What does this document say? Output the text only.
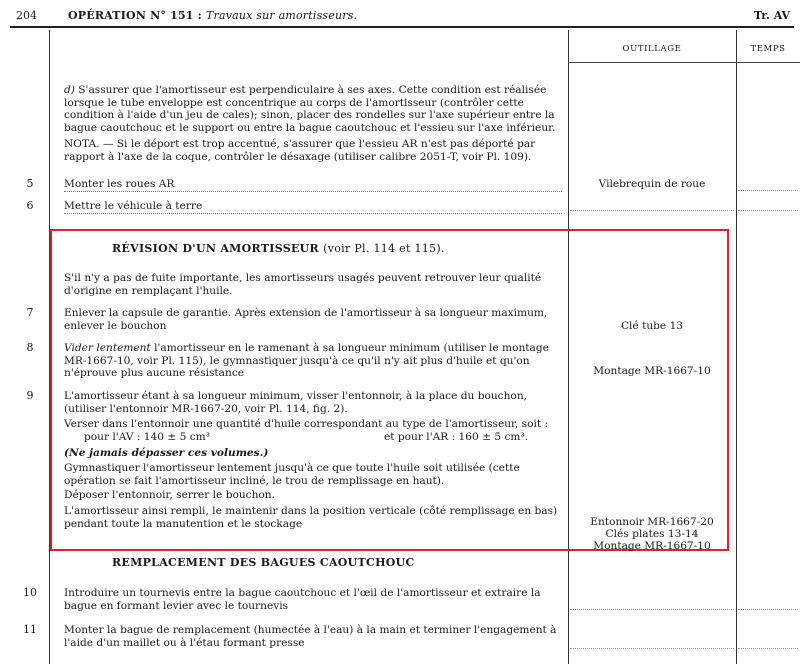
204	OPÉRATION N° 151 : Travaux sur amortisseurs.	Tr. AV
OUTILLAGE	TEMPS
d) S'assurer que l'amortisseur est perpendiculaire à ses axes. Cette condition est réalisée lorsque le tube enveloppe est concentrique au corps de l'amortisseur (contrôler cette condition à l'aide d'un jeu de cales); sinon, placer des rondelles sur l'axe supérieur entre la bague caoutchouc et le support ou entre la bague caoutchouc et l'essieu sur l'axe inférieur.
NOTA. — Si le déport est trop accentué, s'assurer que l'essieu AR n'est pas déporté par rapport à l'axe de la coque, contrôler le désaxage (utiliser calibre 2051-T, voir Pl. 109).
5	Monter les roues AR	Vilebrequin de roue
6	Mettre le véhicule à terre
RÉVISION D'UN AMORTISSEUR (voir Pl. 114 et 115).
S'il n'y a pas de fuite importante, les amortisseurs usagés peuvent retrouver leur qualité d'origine en remplaçant l'huile.
7	Enlever la capsule de garantie. Après extension de l'amortisseur à sa longueur maximum, enlever le bouchon	Clé tube 13
8	Vider lentement l'amortisseur en le ramenant à sa longueur minimum (utiliser le montage MR-1667-10, voir Pl. 115), le gymnastiquer jusqu'à ce qu'il n'y ait plus d'huile et qu'on n'éprouve plus aucune résistance	Montage MR-1667-10
9	L'amortisseur étant à sa longueur minimum, visser l'entonnoir, à la place du bouchon, (utiliser l'entonnoir MR-1667-20, voir Pl. 114, fig. 2).
Verser dans l'entonnoir une quantité d'huile correspondant au type de l'amortisseur, soit :
pour l'AV : 140 ± 5 cm³	et pour l'AR : 160 ± 5 cm³.
(Ne jamais dépasser ces volumes.)
Gymnastiquer l'amortisseur lentement jusqu'à ce que toute l'huile soit utilisée (cette opération se fait l'amortisseur incliné, le trou de remplissage en haut).
Déposer l'entonnoir, serrer le bouchon.
L'amortisseur ainsi rempli, le maintenir dans la position verticale (côté remplissage en bas) pendant toute la manutention et le stockage	Entonnoir MR-1667-20
Clés plates 13-14
Montage MR-1667-10
REMPLACEMENT DES BAGUES CAOUTCHOUC
10	Introduire un tournevis entre la bague caoutchouc et l'œil de l'amortisseur et extraire la bague en formant levier avec le tournevis
11	Monter la bague de remplacement (humectée à l'eau) à la main et terminer l'engagement à l'aide d'un maillet ou à l'étau formant presse
